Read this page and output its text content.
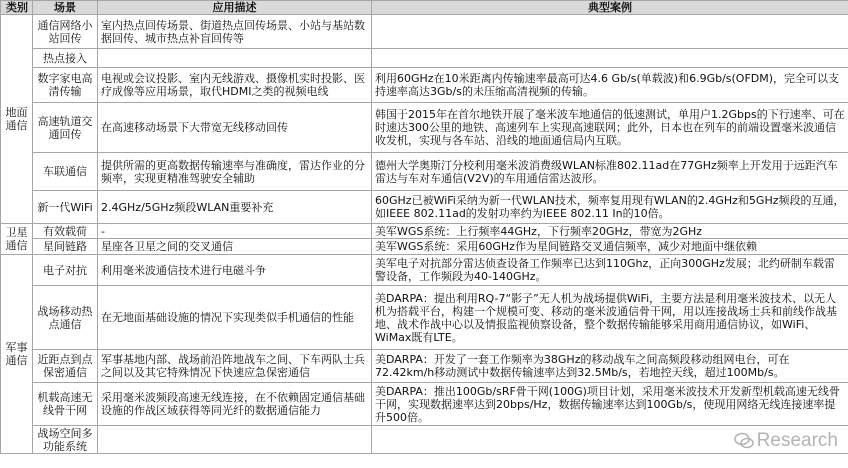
类别	场景	应用描述	典型案例
地面通信	通信网络小站回传	室内热点回传场景、街道热点回传场景、小站与基站数据回传、城市热点补盲回传等	
	热点接入		
	数字家电高清传输	电视或会议投影、室内无线游戏、摄像机实时投影、医疗成像等应用场景，取代HDMI之类的视频电线	利用60GHz在10米距离内传输速率最高可达4.6 Gb/s(单载波)和6.9Gb/s(OFDM)，完全可以支持速率高达3Gb/s的未压缩高清视频的传输。
	高速轨道交通回传	在高速移动场景下大带宽无线移动回传	韩国于2015年在首尔地铁开展了毫米波车地通信的低速测试，单用户1.2Gbps的下行速率、可在时速达300公里的地铁、高速列车上实现高速联网；此外，日本也在列车的前端设置毫米波通信收发机，实现与各车站、沿线的地面通信局内互联。
	车联通信	提供所需的更高数据传输速率与准确度，雷达作业的分频率，实现更精准驾驶安全辅助	德州大学奥斯汀分校利用毫米波消费级WLAN标准802.11ad在77GHz频率上开发用于远距汽车雷达与车对车通信(V2V)的车用通信雷达波形。
	新一代WiFi	2.4GHz/5GHz频段WLAN重要补充	60GHz已被WiFi采纳为新一代WLAN技术，频率复用现有WLAN的2.4GHz和5GHz频段的互通，如IEEE 802.11ad的发射功率约为IEEE 802.11 In的10倍。
卫星通信	有效载荷	-	美军WGS系统：上行频率44GHz，下行频率20GHz，带宽为2GHz
	星间链路	星座各卫星之间的交叉通信	美军WGS系统：采用60GHz作为星间链路交叉通信频率，减少对地面中继依赖
军事通信	电子对抗	利用毫米波通信技术进行电磁斗争	美军电子对抗部分雷达侦查设备工作频率已达到110Ghz，正向300GHz发展；北约研制车载雷警设备，工作频段为40-140GHz。
	战场移动热点通信	在无地面基础设施的情况下实现类似手机通信的性能	美DARPA：提出利用RQ-7“影子”无人机为战场提供WiFi，主要方法是利用毫米波技术、以无人机为搭载平台，构建一个规模可变、移动的毫米波通信骨干网，用以连接战场士兵和前线作战基地、战术作战中心以及情报监视侦察设备，整个数据传输能够采用商用通信协议，如WiFi、WiMax既有LTE。
	近距点到点保密通信	军事基地内部、战场前沿阵地战车之间、下车两队士兵之间以及其它特殊情况下快速应急保密通信	美DARPA：开发了一套工作频率为38GHz的移动战车之间高频段移动组网电台，可在72.42km/h移动测试中数据传输速率达到32.5Mb/s，若地控天线，超过100Mb/s。
	机载高速无线骨干网	采用毫米波频段高速无线连接，在不依赖固定通信基础设施的作战区域获得等同光纤的数据通信能力	美DARPA：推出100Gb/sRF骨干网(100G)项目计划，采用毫米波技术开发新型机载高速无线骨干网，实现数据速率达到20bps/Hz，数据传输速率达到100Gb/s，使现用网络无线连接速率提升500倍。
	战场空间多功能系统			Research
